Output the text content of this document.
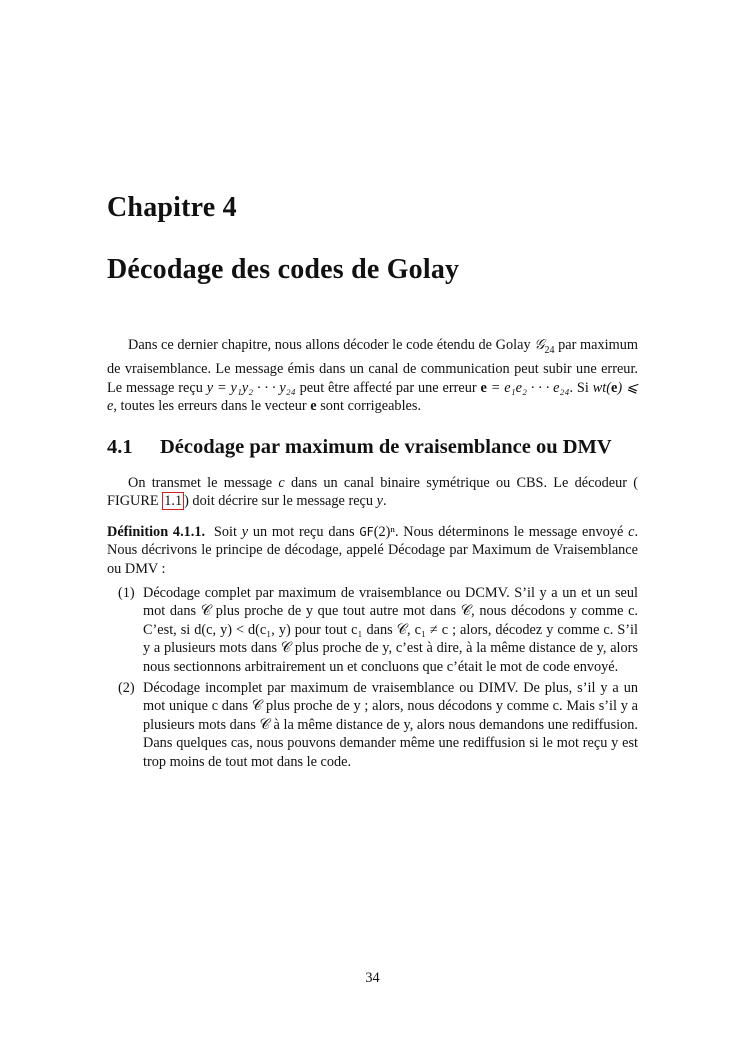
Chapitre 4
Décodage des codes de Golay

Dans ce dernier chapitre, nous allons décoder le code étendu de Golay 𝒢$_{24}$ par maximum de vraisemblance. Le message émis dans un canal de communication peut subir une erreur. Le message reçu y = y₁y₂ · · · y₂₄ peut être affecté par une erreur e = e₁e₂ · · · e₂₄. Si wt(e) ⩽ e, toutes les erreurs dans le vecteur e sont corrigeables.

4.1 Décodage par maximum de vraisemblance ou DMV

On transmet le message c dans un canal binaire symétrique ou CBS. Le décodeur ( FIGURE 1.1 ) doit décrire sur le message reçu y.

Définition 4.1.1. Soit y un mot reçu dans GF(2)ⁿ. Nous déterminons le message envoyé c. Nous décrivons le principe de décodage, appelé Décodage par Maximum de Vraisemblance ou DMV :

(1) Décodage complet par maximum de vraisemblance ou DCMV. S’il y a un et un seul mot dans 𝒞 plus proche de y que tout autre mot dans 𝒞, nous décodons y comme c. C’est, si d(c, y) < d(c₁, y) pour tout c₁ dans 𝒞, c₁ ≠ c ; alors, décodez y comme c. S’il y a plusieurs mots dans 𝒞 plus proche de y, c’est à dire, à la même distance de y, alors nous sectionnons arbitrairement un et concluons que c’était le mot de code envoyé.
(2) Décodage incomplet par maximum de vraisemblance ou DIMV. De plus, s’il y a un mot unique c dans 𝒞 plus proche de y ; alors, nous décodons y comme c. Mais s’il y a plusieurs mots dans 𝒞 à la même distance de y, alors nous demandons une rediffusion. Dans quelques cas, nous pouvons demander même une rediffusion si le mot reçu y est trop moins de tout mot dans le code.
34
